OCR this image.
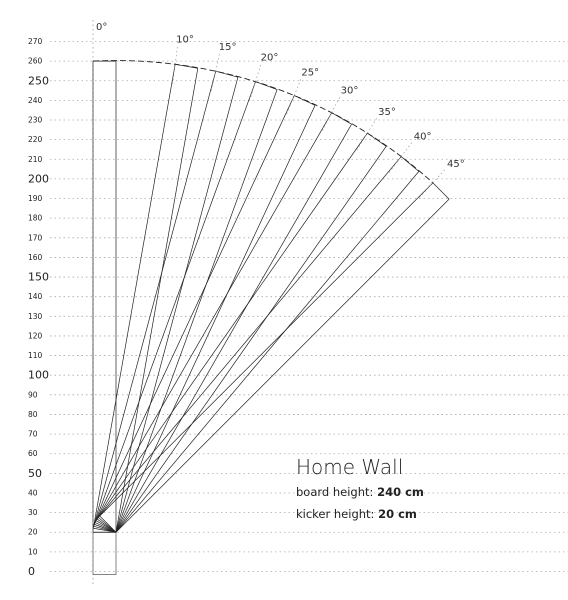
0
10
20
30
40
50
60
70
80
90
100
110
120
130
140
150
160
170
180
190
200
210
220
230
240
250
260
270
0°
10°
15°
20°
25°
30°
35°
40°
45°
Home Wall
board height: 240 cm
kicker height: 20 cm
